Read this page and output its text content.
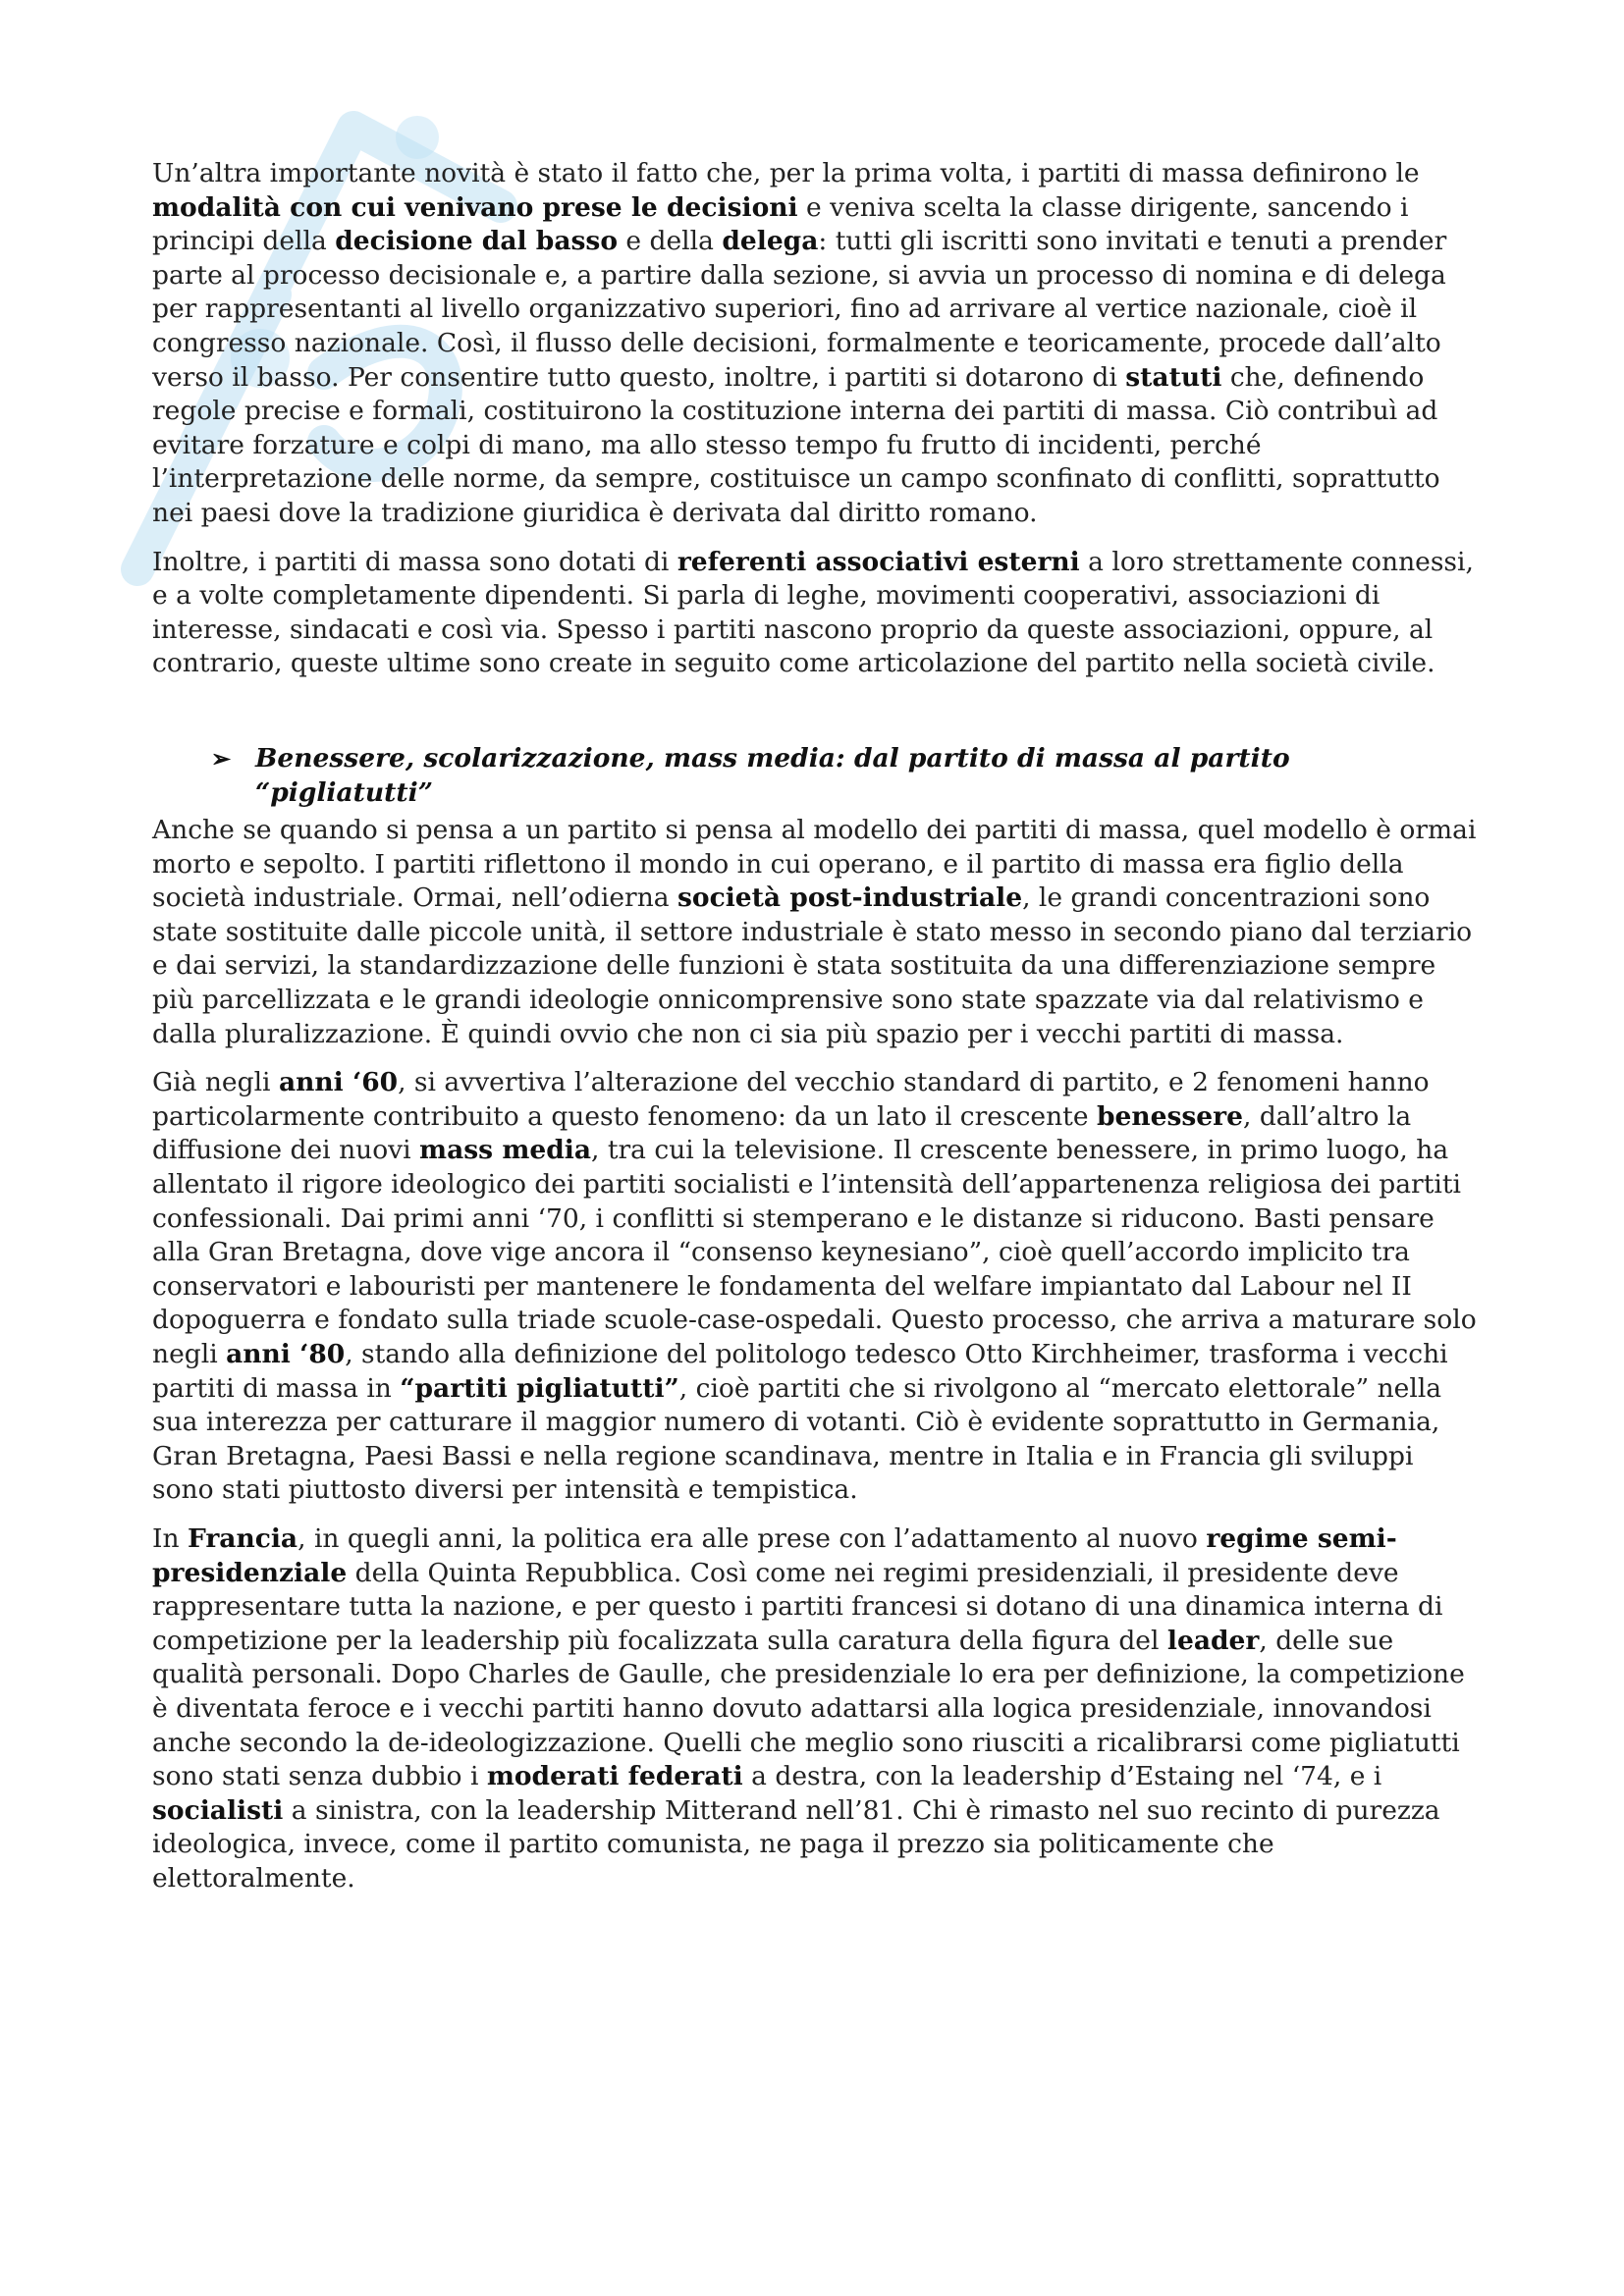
Un’altra importante novità è stato il fatto che, per la prima volta, i partiti di massa definirono le modalità con cui venivano prese le decisioni e veniva scelta la classe dirigente, sancendo i principi della decisione dal basso e della delega: tutti gli iscritti sono invitati e tenuti a prender parte al processo decisionale e, a partire dalla sezione, si avvia un processo di nomina e di delega per rappresentanti al livello organizzativo superiori, fino ad arrivare al vertice nazionale, cioè il congresso nazionale. Così, il flusso delle decisioni, formalmente e teoricamente, procede dall’alto verso il basso. Per consentire tutto questo, inoltre, i partiti si dotarono di statuti che, definendo regole precise e formali, costituirono la costituzione interna dei partiti di massa. Ciò contribuì ad evitare forzature e colpi di mano, ma allo stesso tempo fu frutto di incidenti, perché l’interpretazione delle norme, da sempre, costituisce un campo sconfinato di conflitti, soprattutto nei paesi dove la tradizione giuridica è derivata dal diritto romano.

Inoltre, i partiti di massa sono dotati di referenti associativi esterni a loro strettamente connessi, e a volte completamente dipendenti. Si parla di leghe, movimenti cooperativi, associazioni di interesse, sindacati e così via. Spesso i partiti nascono proprio da queste associazioni, oppure, al contrario, queste ultime sono create in seguito come articolazione del partito nella società civile.

➢ Benessere, scolarizzazione, mass media: dal partito di massa al partito “pigliatutti”

Anche se quando si pensa a un partito si pensa al modello dei partiti di massa, quel modello è ormai morto e sepolto. I partiti riflettono il mondo in cui operano, e il partito di massa era figlio della società industriale. Ormai, nell’odierna società post-industriale, le grandi concentrazioni sono state sostituite dalle piccole unità, il settore industriale è stato messo in secondo piano dal terziario e dai servizi, la standardizzazione delle funzioni è stata sostituita da una differenziazione sempre più parcellizzata e le grandi ideologie onnicomprensive sono state spazzate via dal relativismo e dalla pluralizzazione. È quindi ovvio che non ci sia più spazio per i vecchi partiti di massa.

Già negli anni ‘60, si avvertiva l’alterazione del vecchio standard di partito, e 2 fenomeni hanno particolarmente contribuito a questo fenomeno: da un lato il crescente benessere, dall’altro la diffusione dei nuovi mass media, tra cui la televisione. Il crescente benessere, in primo luogo, ha allentato il rigore ideologico dei partiti socialisti e l’intensità dell’appartenenza religiosa dei partiti confessionali. Dai primi anni ‘70, i conflitti si stemperano e le distanze si riducono. Basti pensare alla Gran Bretagna, dove vige ancora il “consenso keynesiano”, cioè quell’accordo implicito tra conservatori e labouristi per mantenere le fondamenta del welfare impiantato dal Labour nel II dopoguerra e fondato sulla triade scuole-case-ospedali. Questo processo, che arriva a maturare solo negli anni ‘80, stando alla definizione del politologo tedesco Otto Kirchheimer, trasforma i vecchi partiti di massa in “partiti pigliatutti”, cioè partiti che si rivolgono al “mercato elettorale” nella sua interezza per catturare il maggior numero di votanti. Ciò è evidente soprattutto in Germania, Gran Bretagna, Paesi Bassi e nella regione scandinava, mentre in Italia e in Francia gli sviluppi sono stati piuttosto diversi per intensità e tempistica.

In Francia, in quegli anni, la politica era alle prese con l’adattamento al nuovo regime semi-presidenziale della Quinta Repubblica. Così come nei regimi presidenziali, il presidente deve rappresentare tutta la nazione, e per questo i partiti francesi si dotano di una dinamica interna di competizione per la leadership più focalizzata sulla caratura della figura del leader, delle sue qualità personali. Dopo Charles de Gaulle, che presidenziale lo era per definizione, la competizione è diventata feroce e i vecchi partiti hanno dovuto adattarsi alla logica presidenziale, innovandosi anche secondo la de-ideologizzazione. Quelli che meglio sono riusciti a ricalibrarsi come pigliatutti sono stati senza dubbio i moderati federati a destra, con la leadership d’Estaing nel ‘74, e i socialisti a sinistra, con la leadership Mitterand nell’81. Chi è rimasto nel suo recinto di purezza ideologica, invece, come il partito comunista, ne paga il prezzo sia politicamente che elettoralmente.
